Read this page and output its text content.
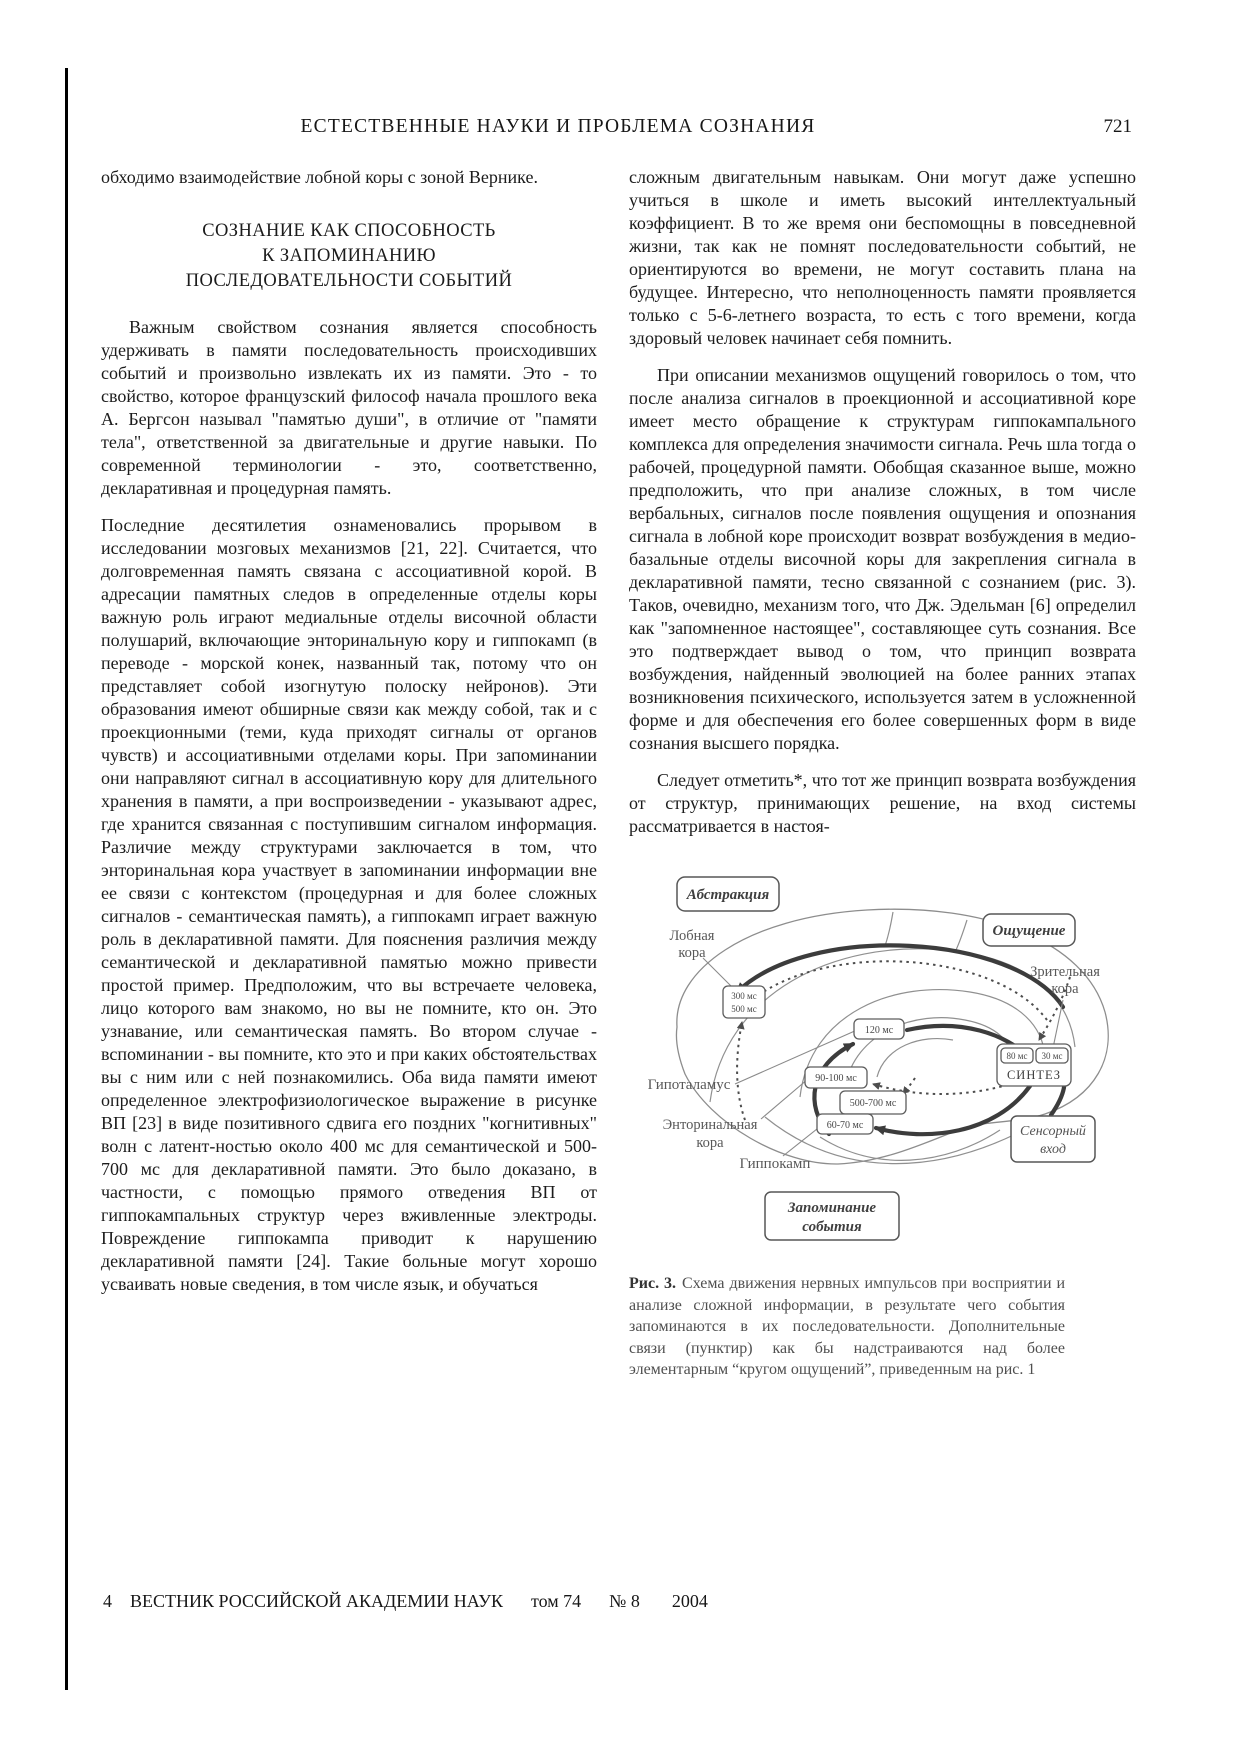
ЕСТЕСТВЕННЫЕ НАУКИ И ПРОБЛЕМА СОЗНАНИЯ	721

обходимо взаимодействие лобной коры с зоной Вернике.

СОЗНАНИЕ КАК СПОСОБНОСТЬ
К ЗАПОМИНАНИЮ
ПОСЛЕДОВАТЕЛЬНОСТИ СОБЫТИЙ

Важным свойством сознания является способность удерживать в памяти последовательность происходивших событий и произвольно извлекать их из памяти. Это - то свойство, которое французский философ начала прошлого века А. Бергсон называл "памятью души", в отличие от "памяти тела", ответственной за двигательные и другие навыки. По современной терминологии - это, соответственно, декларативная и процедурная память.

Последние десятилетия ознаменовались прорывом в исследовании мозговых механизмов [21, 22]. Считается, что долговременная память связана с ассоциативной корой. В адресации памятных следов в определенные отделы коры важную роль играют медиальные отделы височной области полушарий, включающие энторинальную кору и гиппокамп (в переводе - морской конек, названный так, потому что он представляет собой изогнутую полоску нейронов). Эти образования имеют обширные связи как между собой, так и с проекционными (теми, куда приходят сигналы от органов чувств) и ассоциативными отделами коры. При запоминании они направляют сигнал в ассоциативную кору для длительного хранения в памяти, а при воспроизведении - указывают адрес, где хранится связанная с поступившим сигналом информация. Различие между структурами заключается в том, что энторинальная кора участвует в запоминании информации вне ее связи с контекстом (процедурная и для более сложных сигналов - семантическая память), а гиппокамп играет важную роль в декларативной памяти. Для пояснения различия между семантической и декларативной памятью можно привести простой пример. Предположим, что вы встречаете человека, лицо которого вам знакомо, но вы не помните, кто он. Это узнавание, или семантическая память. Во втором случае - вспоминании - вы помните, кто это и при каких обстоятельствах вы с ним или с ней познакомились. Оба вида памяти имеют определенное электрофизиологическое выражение в рисунке ВП [23] в виде позитивного сдвига его поздних "когнитивных" волн с латент-ностью около 400 мс для семантической и 500-700 мс для декларативной памяти. Это было доказано, в частности, с помощью прямого отведения ВП от гиппокампальных структур через вживленные электроды. Повреждение гиппокампа приводит к нарушению декларативной памяти [24]. Такие больные могут хорошо усваивать новые сведения, в том числе язык, и обучаться

сложным двигательным навыкам. Они могут даже успешно учиться в школе и иметь высокий интеллектуальный коэффициент. В то же время они беспомощны в повседневной жизни, так как не помнят последовательности событий, не ориентируются во времени, не могут составить плана на будущее. Интересно, что неполноценность памяти проявляется только с 5-6-летнего возраста, то есть с того времени, когда здоровый человек начинает себя помнить.

При описании механизмов ощущений говорилось о том, что после анализа сигналов в проекционной и ассоциативной коре имеет место обращение к структурам гиппокампального комплекса для определения значимости сигнала. Речь шла тогда о рабочей, процедурной памяти. Обобщая сказанное выше, можно предположить, что при анализе сложных, в том числе вербальных, сигналов после появления ощущения и опознания сигнала в лобной коре происходит возврат возбуждения в медио-базальные отделы височной коры для закрепления сигнала в декларативной памяти, тесно связанной с сознанием (рис. 3). Таков, очевидно, механизм того, что Дж. Эдельман [6] определил как "запомненное настоящее", составляющее суть сознания. Все это подтверждает вывод о том, что принцип возврата возбуждения, найденный эволюцией на более ранних этапах возникновения психического, используется затем в усложненной форме и для обеспечения его более совершенных форм в виде сознания высшего порядка.

Следует отметить*, что тот же принцип возврата возбуждения от структур, принимающих решение, на вход системы рассматривается в настоя-

300 мс
500 мс
120 мс
90-100 мс
500-700 мс
60-70 мс
80 мс 30 мс
СИНТЕЗ
Абстракция
Ощущение
Сенсорный
вход
Запоминание
события
Лобная
кора
Зрительная
кора
Гипоталамус
Энторинальная
кора
Гиппокамп
Рис. 3. Схема движения нервных импульсов при восприятии и анализе сложной информации, в результате чего события запоминаются в их последовательности. Дополнительные связи (пунктир) как бы надстраиваются над более элементарным “кругом ощущений”, приведенным на рис. 1
4 ВЕСТНИК РОССИЙСКОЙ АКАДЕМИИ НАУК том 74 № 8 2004
